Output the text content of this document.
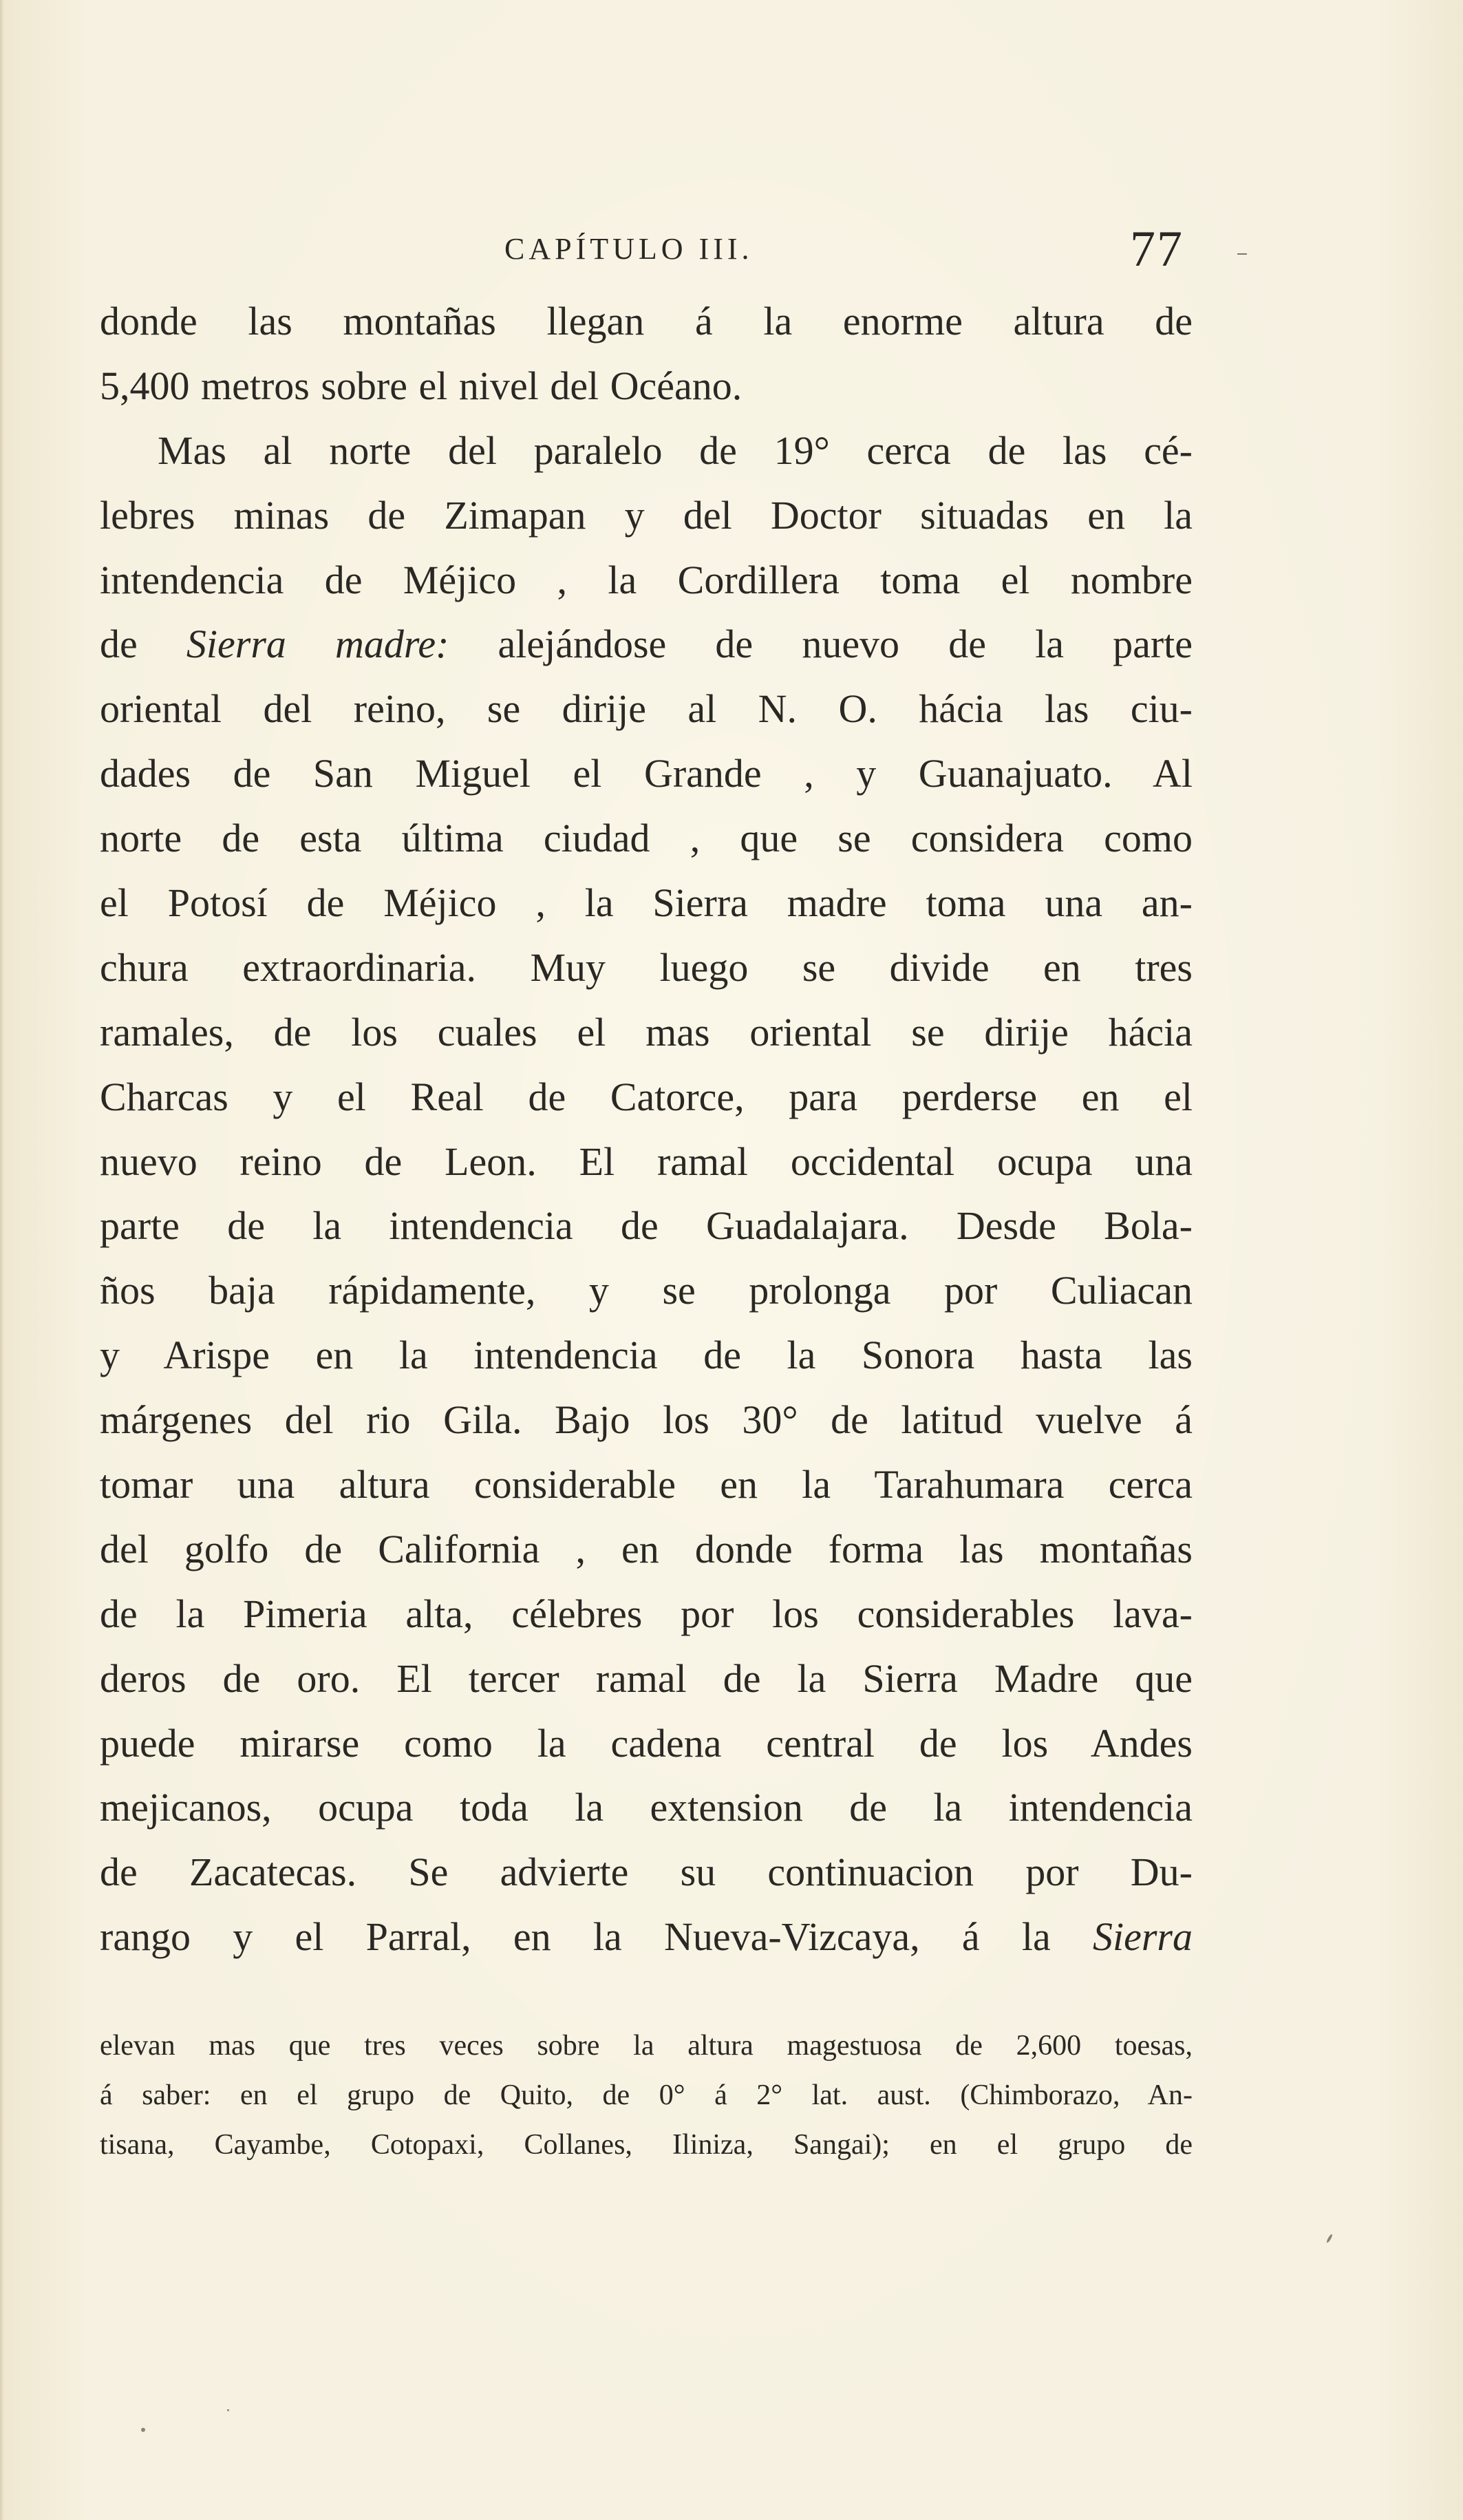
CAPÍTULO III.	77
donde las montañas llegan á la enorme altura de
5,400 metros sobre el nivel del Océano.
Mas al norte del paralelo de 19° cerca de las cé-
lebres minas de Zimapan y del Doctor situadas en la
intendencia de Méjico , la Cordillera toma el nombre
de Sierra madre: alejándose de nuevo de la parte
oriental del reino, se dirije al N. O. hácia las ciu-
dades de San Miguel el Grande , y Guanajuato. Al
norte de esta última ciudad , que se considera como
el Potosí de Méjico , la Sierra madre toma una an-
chura extraordinaria. Muy luego se divide en tres
ramales, de los cuales el mas oriental se dirije hácia
Charcas y el Real de Catorce, para perderse en el
nuevo reino de Leon. El ramal occidental ocupa una
parte de la intendencia de Guadalajara. Desde Bola-
ños baja rápidamente, y se prolonga por Culiacan
y Arispe en la intendencia de la Sonora hasta las
márgenes del rio Gila. Bajo los 30° de latitud vuelve á
tomar una altura considerable en la Tarahumara cerca
del golfo de California , en donde forma las montañas
de la Pimeria alta, célebres por los considerables lava-
deros de oro. El tercer ramal de la Sierra Madre que
puede mirarse como la cadena central de los Andes
mejicanos, ocupa toda la extension de la intendencia
de Zacatecas. Se advierte su continuacion por Du-
rango y el Parral, en la Nueva-Vizcaya, á la Sierra
elevan mas que tres veces sobre la altura magestuosa de 2,600 toesas,
á saber: en el grupo de Quito, de 0° á 2° lat. aust. (Chimborazo, An-
tisana, Cayambe, Cotopaxi, Collanes, Iliniza, Sangai); en el grupo de
